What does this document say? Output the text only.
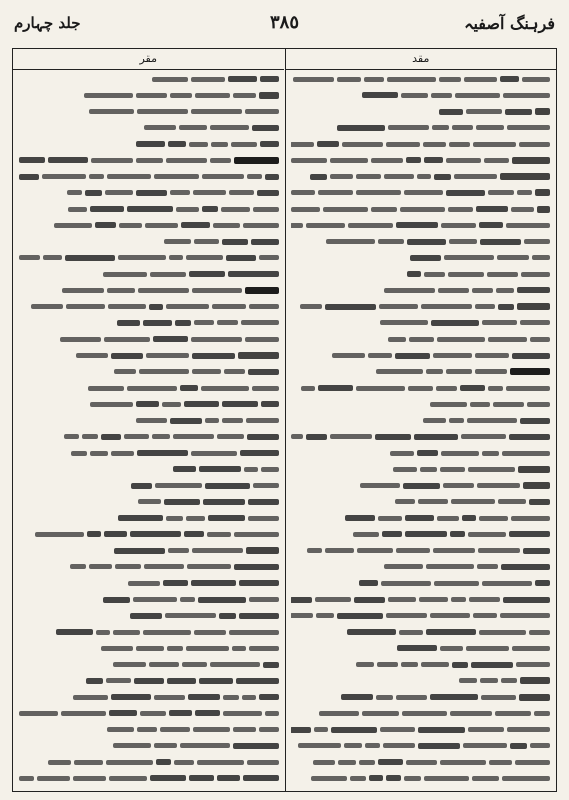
فرہنگ آصفیہ
٣٨٥
جلد چہارم
مقد
مقر
